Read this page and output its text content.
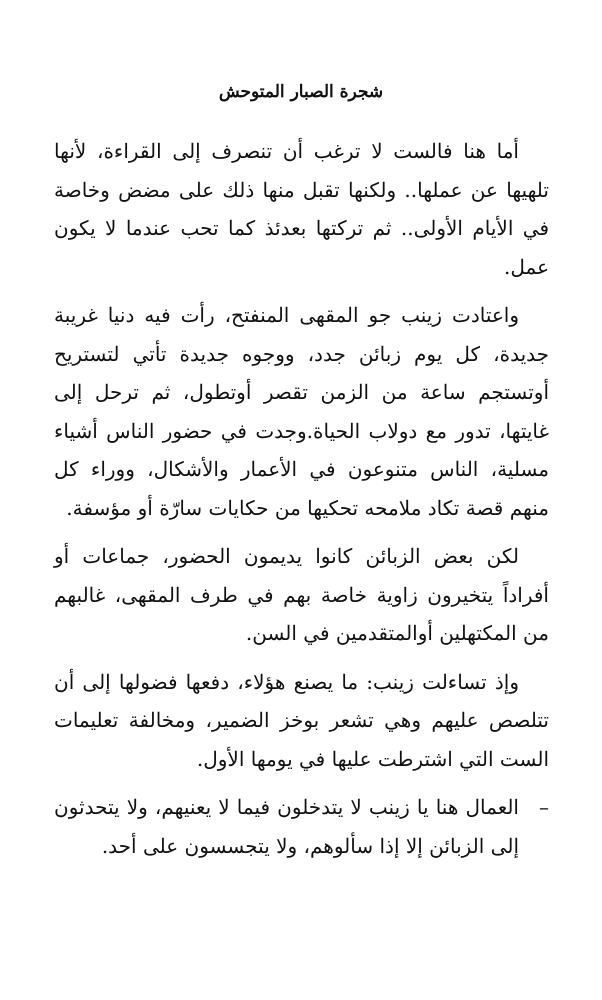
شجرة الصبار المتوحش

أما هنا فالست لا ترغب أن تنصرف إلى القراءة، لأنها تلهيها عن عملها.. ولكنها تقبل منها ذلك على مضض وخاصة في الأيام الأولى.. ثم تركتها بعدئذ كما تحب عندما لا يكون عمل.

واعتادت زينب جو المقهى المنفتح، رأت فيه دنيا غريبة جديدة، كل يوم زبائن جدد، ووجوه جديدة تأتي لتستريح أوتستجم ساعة من الزمن تقصر أوتطول، ثم ترحل إلى غايتها، تدور مع دولاب الحياة.وجدت في حضور الناس أشياء مسلية، الناس متنوعون في الأعمار والأشكال، ووراء كل منهم قصة تكاد ملامحه تحكيها من حكايات سارّة أو مؤسفة.

لكن بعض الزبائن كانوا يديمون الحضور، جماعات أو أفراداً يتخيرون زاوية خاصة بهم في طرف المقهى، غالبهم من المكتهلين أوالمتقدمين في السن.

وإذ تساءلت زينب: ما يصنع هؤلاء، دفعها فضولها إلى أن تتلصص عليهم وهي تشعر بوخز الضمير، ومخالفة تعليمات الست التي اشترطت عليها في يومها الأول.

–
العمال هنا يا زينب لا يتدخلون فيما لا يعنيهم، ولا يتحدثون إلى الزبائن إلا إذا سألوهم، ولا يتجسسون على أحد.
